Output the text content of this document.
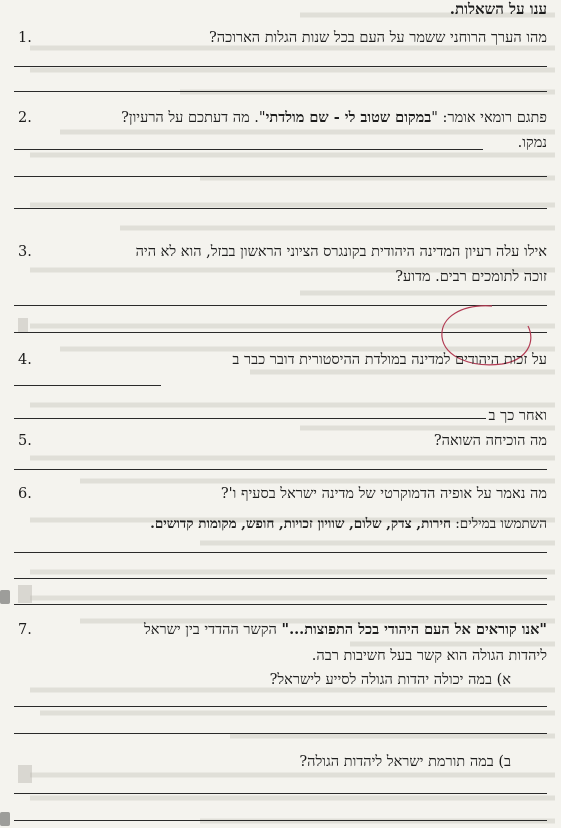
ענו על השאלות.
מהו הערך הרוחני ששמר על העם בכל שנות הגלות הארוכה?
1.
פתגם רומאי אומר: "במקום שטוב לי - שם מולדתי". מה דעתכם על הרעיון?
2.
נמקו.
אילו עלה רעיון המדינה היהודית בקונגרס הציוני הראשון בבזל, הוא לא היה
3.
זוכה לתומכים רבים. מדוע?
על זכות היהודים למדינה במולדת ההיסטורית דובר כבר ב
4.
ואחר כך ב
מה הוכיחה השואה?
5.
מה נאמר על אופיה הדמוקרטי של מדינה ישראל בסעיף ו'?
6.
השתמשו במילים: חירות, צדק, שלום, שוויון זכויות, חופש, מקומות קדושים.
"אנו קוראים אל העם היהודי בכל התפוצות..." הקשר ההדדי בין ישראל
7.
ליהדות הגולה הוא קשר בעל חשיבות רבה.
א) במה יכולה יהדות הגולה לסייע לישראל?
ב) במה תורמת ישראל ליהדות הגולה?
